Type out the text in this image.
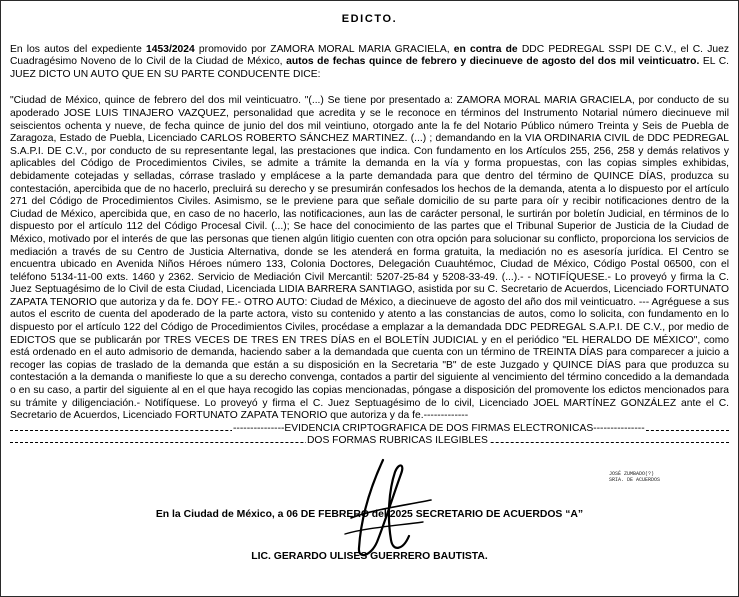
EDICTO.

En los autos del expediente 1453/2024 promovido por ZAMORA MORAL MARIA GRACIELA, en contra de DDC PEDREGAL SSPI DE C.V., el C. Juez Cuadragésimo Noveno de lo Civil de la Ciudad de México, autos de fechas quince de febrero y diecinueve de agosto del dos mil veinticuatro. EL C. JUEZ DICTO UN AUTO QUE EN SU PARTE CONDUCENTE DICE:

"Ciudad de México, quince de febrero del dos mil veinticuatro. "(...) Se tiene por presentado a: ZAMORA MORAL MARIA GRACIELA, por conducto de su apoderado JOSE LUIS TINAJERO VAZQUEZ, personalidad que acredita y se le reconoce en términos del Instrumento Notarial número diecinueve mil seiscientos ochenta y nueve, de fecha quince de junio del dos mil veintiuno, otorgado ante la fe del Notario Público número Treinta y Seis de Puebla de Zaragoza, Estado de Puebla, Licenciado CARLOS ROBERTO SÁNCHEZ MARTINEZ. (...) ; demandando en la VIA ORDINARIA CIVIL de DDC PEDREGAL S.A.P.I. DE C.V., por conducto de su representante legal, las prestaciones que indica. Con fundamento en los Artículos 255, 256, 258 y demás relativos y aplicables del Código de Procedimientos Civiles, se admite a trámite la demanda en la vía y forma propuestas, con las copias simples exhibidas, debidamente cotejadas y selladas, córrase traslado y emplácese a la parte demandada para que dentro del término de QUINCE DÍAS, produzca su contestación, apercibida que de no hacerlo, precluirá su derecho y se presumirán confesados los hechos de la demanda, atenta a lo dispuesto por el artículo 271 del Código de Procedimientos Civiles. Asimismo, se le previene para que señale domicilio de su parte para oír y recibir notificaciones dentro de la Ciudad de México, apercibida que, en caso de no hacerlo, las notificaciones, aun las de carácter personal, le surtirán por boletín Judicial, en términos de lo dispuesto por el artículo 112 del Código Procesal Civil. (...); Se hace del conocimiento de las partes que el Tribunal Superior de Justicia de la Ciudad de México, motivado por el interés de que las personas que tienen algún litigio cuenten con otra opción para solucionar su conflicto, proporciona los servicios de mediación a través de su Centro de Justicia Alternativa, donde se les atenderá en forma gratuita, la mediación no es asesoría jurídica. El Centro se encuentra ubicado en Avenida Niños Héroes número 133, Colonia Doctores, Delegación Cuauhtémoc, Ciudad de México, Código Postal 06500, con el teléfono 5134-11-00 exts. 1460 y 2362. Servicio de Mediación Civil Mercantil: 5207-25-84 y 5208-33-49. (...).- - NOTIFÍQUESE.- Lo proveyó y firma la C. Juez Septuagésimo de lo Civil de esta Ciudad, Licenciada LIDIA BARRERA SANTIAGO, asistida por su C. Secretario de Acuerdos, Licenciado FORTUNATO ZAPATA TENORIO que autoriza y da fe. DOY FE.- OTRO AUTO: Ciudad de México, a diecinueve de agosto del año dos mil veinticuatro. --- Agréguese a sus autos el escrito de cuenta del apoderado de la parte actora, visto su contenido y atento a las constancias de autos, como lo solicita, con fundamento en lo dispuesto por el artículo 122 del Código de Procedimientos Civiles, procédase a emplazar a la demandada DDC PEDREGAL S.A.P.I. DE C.V., por medio de EDICTOS que se publicarán por TRES VECES DE TRES EN TRES DÍAS en el BOLETÍN JUDICIAL y en el periódico "EL HERALDO DE MÉXICO", como está ordenado en el auto admisorio de demanda, haciendo saber a la demandada que cuenta con un término de TREINTA DÍAS para comparecer a juicio a recoger las copias de traslado de la demanda que están a su disposición en la Secretaria "B" de este Juzgado y QUINCE DÍAS para que produzca su contestación a la demanda o manifieste lo que a su derecho convenga, contados a partir del siguiente al vencimiento del término concedido a la demandada o en su caso, a partir del siguiente al en el que haya recogido las copias mencionadas, póngase a disposición del promovente los edictos mencionados para su trámite y diligenciación.- Notifíquese. Lo proveyó y firma el C. Juez Septuagésimo de lo civil, Licenciado JOEL MARTÍNEZ GONZÁLEZ ante el C. Secretario de Acuerdos, Licenciado FORTUNATO ZAPATA TENORIO que autoriza y da fe.-------------

---------------EVIDENCIA CRIPTOGRÁFICA DE DOS FIRMAS ELECTRONICAS---------------
DOS FORMAS RUBRICAS ILEGIBLES
JOSÉ ZUMBADO(?)
SRIA. DE ACUERDOS
En la Ciudad de México, a 06 DE FEBRERO del 2025 SECRETARIO DE ACUERDOS “A”
LIC. GERARDO ULISES GUERRERO BAUTISTA.
